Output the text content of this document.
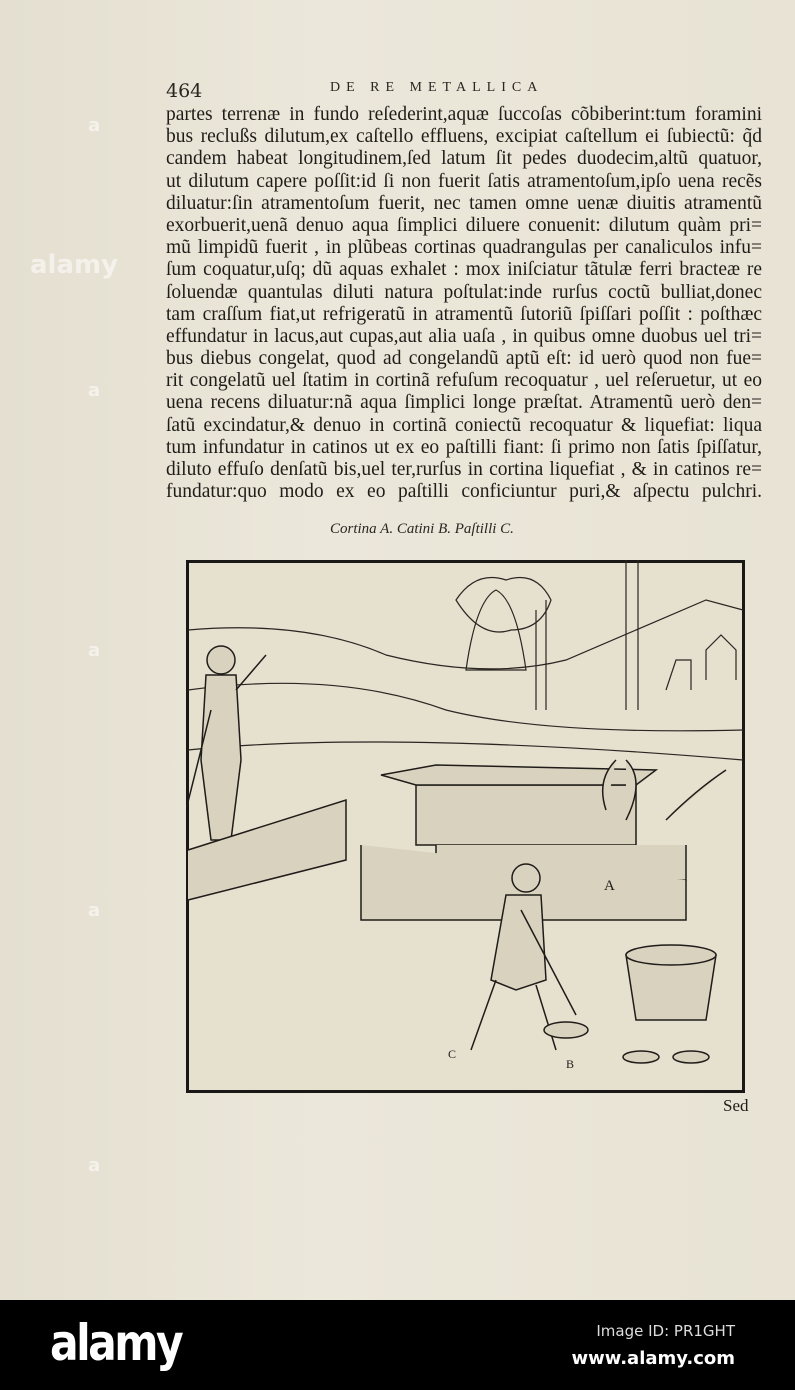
464	DE RE METALLICA
partes terrenæ in fundo reſederint,aquæ ſuccoſas cõbiberint:tum foramini
bus reclußs dilutum,ex caſtello effluens, excipiat caſtellum ei ſubiectũ: q̃d
candem habeat longitudinem,ſed latum ſit pedes duodecim,altũ quatuor,
ut dilutum capere poſſit:id ſi non fuerit ſatis atramentoſum,ipſo uena recẽs
diluatur:ſin atramentoſum fuerit, nec tamen omne uenæ diuitis atramentũ
exorbuerit,uenã denuo aqua ſimplici diluere conuenit: dilutum quàm pri=
mũ limpidũ fuerit , in plũbeas cortinas quadrangulas per canaliculos infu=
ſum coquatur,uſq; dũ aquas exhalet : mox iniſciatur tãtulæ ferri bracteæ re
ſoluendæ quantulas diluti natura poſtulat:inde rurſus coctũ bulliat,donec
tam craſſum fiat,ut refrigeratũ in atramentũ ſutoriũ ſpiſſari poſſit : poſthæc
effundatur in lacus,aut cupas,aut alia uaſa , in quibus omne duobus uel tri=
bus diebus congelat, quod ad congelandũ aptũ eſt: id uerò quod non fue=
rit congelatũ uel ſtatim in cortinã refuſum recoquatur , uel reſeruetur, ut eo
uena recens diluatur:nã aqua ſimplici longe præſtat. Atramentũ uerò den=
ſatũ excindatur,& denuo in cortinã coniectũ recoquatur & liquefiat: liqua
tum infundatur in catinos ut ex eo paſtilli fiant: ſi primo non ſatis ſpiſſatur,
diluto effuſo denſatũ bis,uel ter,rurſus in cortina liquefiat , & in catinos re=
fundatur:quo modo ex eo paſtilli conficiuntur puri,& aſpectu pulchri.
Cortina A. Catini B. Paſtilli C.
A
B
C
Sed
a
a
a
a
a
alamy
alamy	Image ID: PR1GHT
www.alamy.com
